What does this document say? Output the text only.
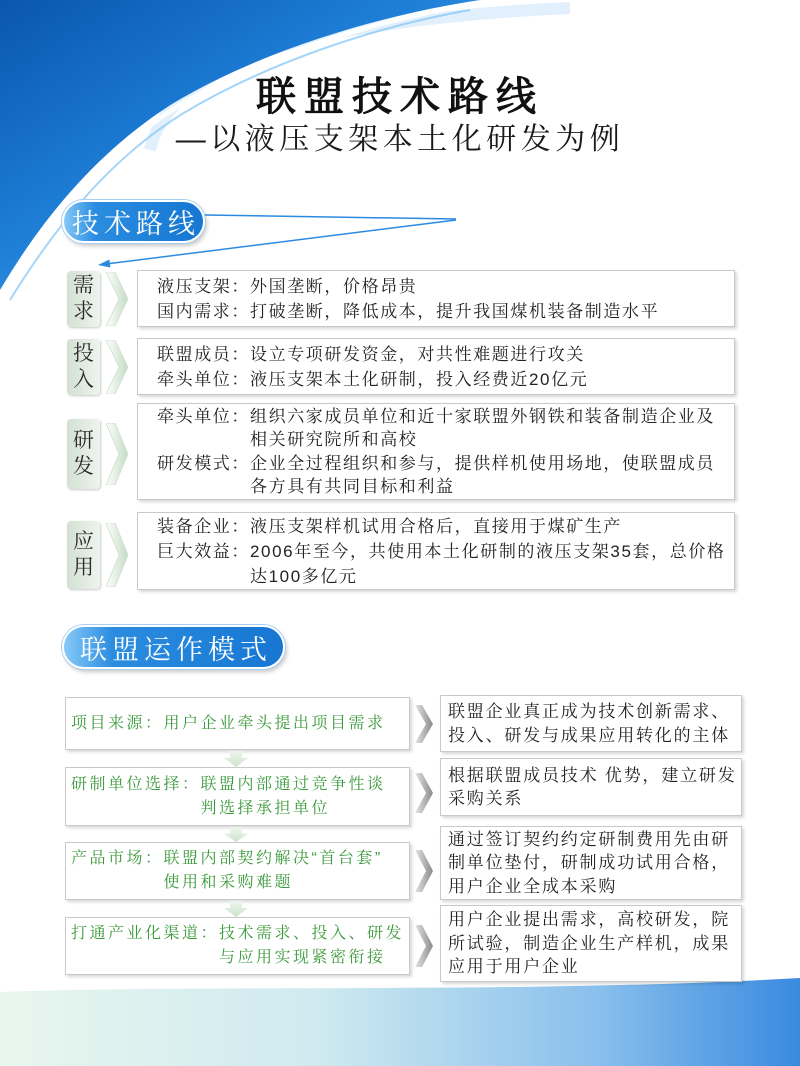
联盟技术路线
—以液压支架本土化研发为例
技术路线
需求
液压支架： 外国垄断，价格昂贵
国内需求： 打破垄断，降低成本，提升我国煤机装备制造水平
投入
联盟成员： 设立专项研发资金，对共性难题进行攻关
牵头单位： 液压支架本土化研制，投入经费近20亿元
研发
牵头单位： 组织六家成员单位和近十家联盟外钢铁和装备制造企业及
相关研究院所和高校
研发模式： 企业全过程组织和参与，提供样机使用场地，使联盟成员
各方具有共同目标和利益
应用
装备企业： 液压支架样机试用合格后，直接用于煤矿生产
巨大效益： 2006年至今，共使用本土化研制的液压支架35套，总价格
达100多亿元
联盟运作模式
项目来源： 用户企业牵头提出项目需求
联盟企业真正成为技术创新需求、
投入、研发与成果应用转化的主体
研制单位选择： 联盟内部通过竞争性谈
判选择承担单位
根据联盟成员技术 优势，建立研发
采购关系
产品市场： 联盟内部契约解决“首台套”
使用和采购难题
通过签订契约约定研制费用先由研
制单位垫付，研制成功试用合格，
用户企业全成本采购
打通产业化渠道： 技术需求、投入、研发
与应用实现紧密衔接
用户企业提出需求，高校研发，院
所试验，制造企业生产样机，成果
应用于用户企业
